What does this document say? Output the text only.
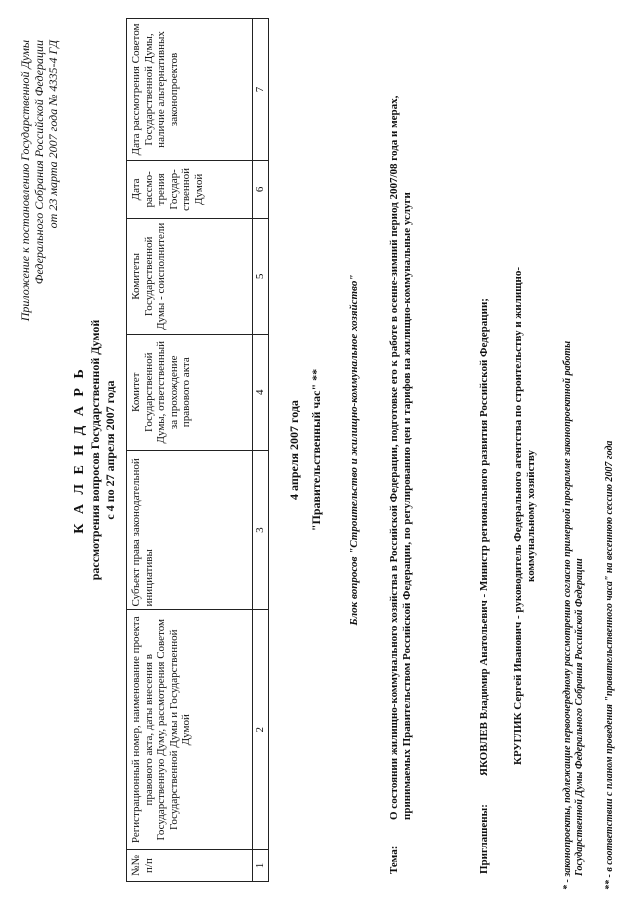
Приложение к постановлению Государственной Думы Федерального Собрания Российской Федерации от 23 марта 2007 года № 4335-4 ГД
К А Л Е Н Д А Р Ь рассмотрения вопросов Государственной Думой с 4 по 27 апреля 2007 года
№№ п/п	Регистрационный номер, наименование проекта правового акта, даты внесения в Государственную Думу, рассмотрения Советом Государственной Думы и Государственной Думой	Субъект права законодательной инициативы	Комитет Государственной Думы, ответственный за прохождение правового акта	Комитеты Государственной Думы - соисполнители	Дата рассмо-трения Государ-ственной Думой	Дата рассмотрения Советом Государственной Думы, наличие альтернативных законопроектов
1	2	3	4	5	6	7
4 апреля 2007 года "Правительственный час" ** Блок вопросов "Строительство и жилищно-коммунальное хозяйство"
Тема:
О состоянии жилищно-коммунального хозяйства в Российской Федерации, подготовке его к работе в осенне-зимний период 2007/08 года и мерах, принимаемых Правительством Российской Федерации, по регулированию цен и тарифов на жилищно-коммунальные услуги
Приглашены:
ЯКОВЛЕВ Владимир Анатольевич - Министр регионального развития Российской Федерации; КРУГЛИК Сергей Иванович - руководитель Федерального агентства по строительству и жилищно-коммунальному хозяйству	* - законопроекты, подлежащие первоочередному рассмотрению согласно примерной программе законопроектной работы Государственной Думы Федерального Собрания Российской Федерации ** - в соответствии с планом проведения "правительственного часа" на весеннюю сессию 2007 года
